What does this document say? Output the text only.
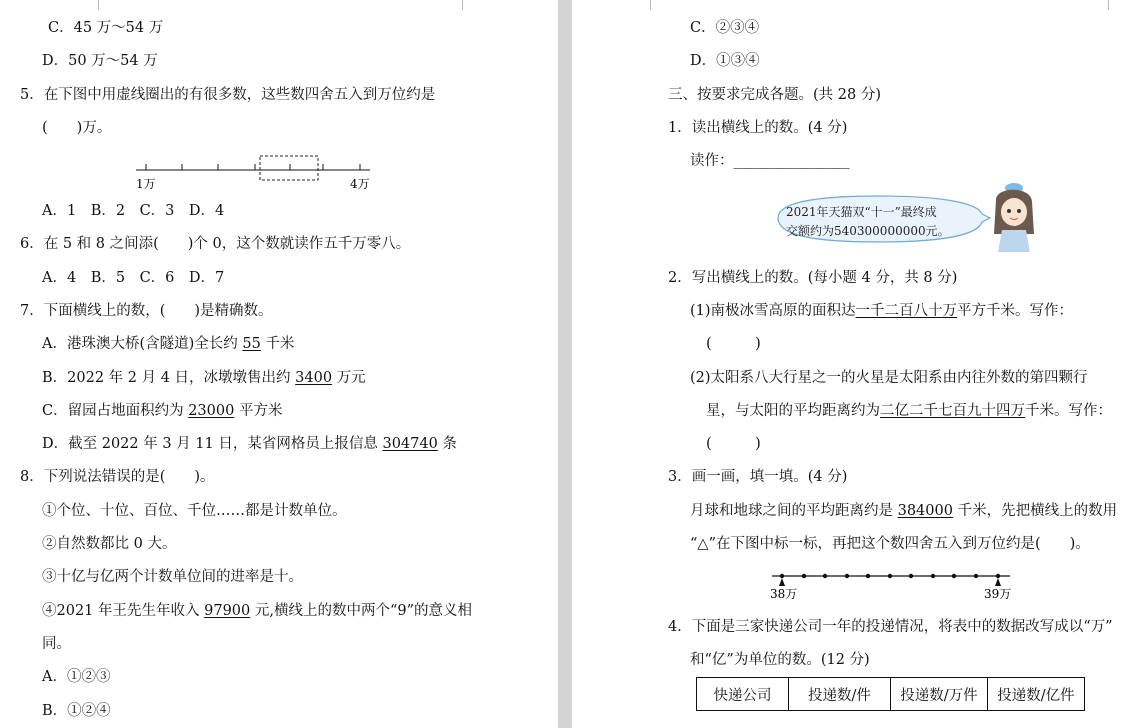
C．45 万～54 万
D．50 万～54 万
5．在下图中用虚线圈出的有很多数，这些数四舍五入到万位约是
(　　)万。
1万	4万
A．1　B．2　C．3　D．4
6．在 5 和 8 之间添(　　)个 0，这个数就读作五千万零八。
A．4　B．5　C．6　D．7
7．下面横线上的数，(　　)是精确数。
A．港珠澳大桥(含隧道)全长约 55 千米
B．2022 年 2 月 4 日，冰墩墩售出约 3400 万元
C．留园占地面积约为 23000 平方米
D．截至 2022 年 3 月 11 日，某省网格员上报信息 304740 条
8．下列说法错误的是(　　)。
①个位、十位、百位、千位……都是计数单位。
②自然数都比 0 大。
③十亿与亿两个计数单位间的进率是十。
④2021 年王先生年收入 97900 元,横线上的数中两个“9”的意义相
同。
A．①②③
B．①②④
C．②③④
D．①③④
三、按要求完成各题。(共 28 分)
1．读出横线上的数。(4 分)
读作：________________
2021年天猫双“十一”最终成
交额约为540300000000元。
2．写出横线上的数。(每小题 4 分，共 8 分)
(1)南极冰雪高原的面积达一千二百八十万平方千米。写作：
(　　　)
(2)太阳系八大行星之一的火星是太阳系由内往外数的第四颗行
星，与太阳的平均距离约为二亿二千七百九十四万千米。写作：
(　　　)
3．画一画，填一填。(4 分)
月球和地球之间的平均距离约是 384000 千米，先把横线上的数用
“△”在下图中标一标，再把这个数四舍五入到万位约是(　　)。
38万	39万
4．下面是三家快递公司一年的投递情况，将表中的数据改写成以“万”
和“亿”为单位的数。(12 分)
快递公司	投递数/件	投递数/万件	投递数/亿件
